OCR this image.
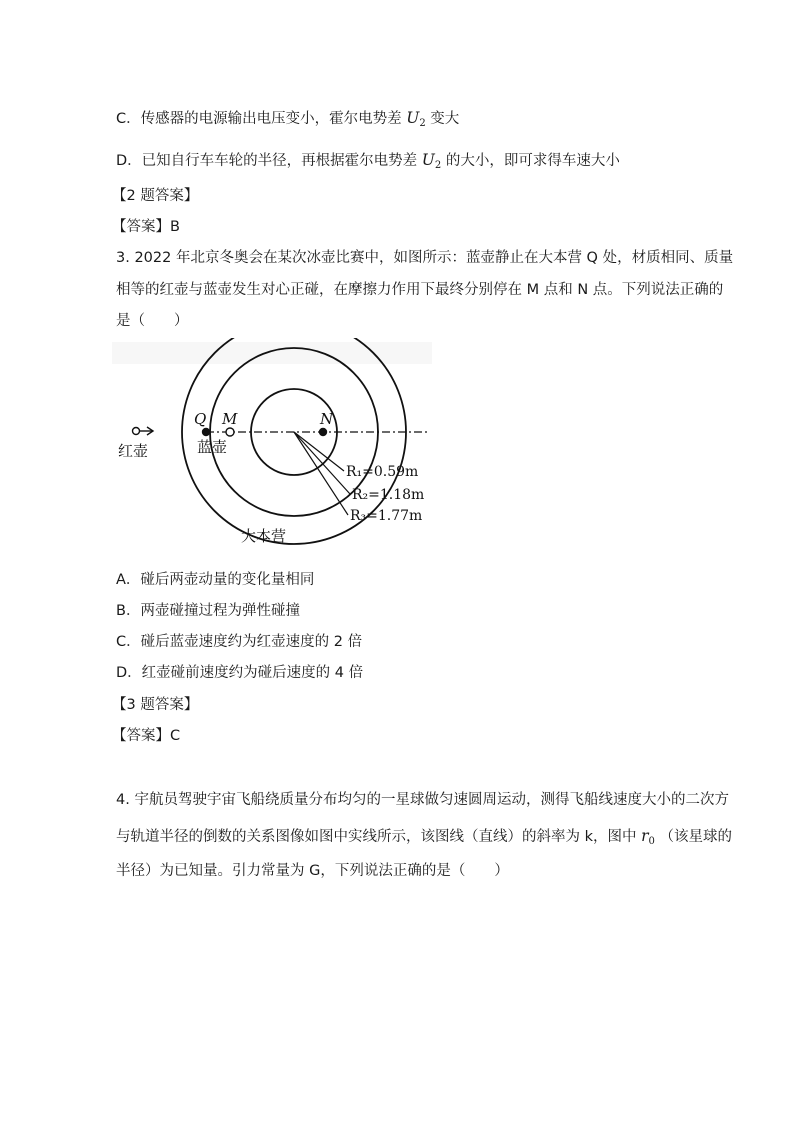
C．传感器的电源输出电压变小，霍尔电势差 $U_2$ 变大
D．已知自行车车轮的半径，再根据霍尔电势差 $U_2$ 的大小，即可求得车速大小
【2 题答案】
【答案】B
3. 2022 年北京冬奥会在某次冰壶比赛中，如图所示：蓝壶静止在大本营 Q 处，材质相同、质量
相等的红壶与蓝壶发生对心正碰，在摩擦力作用下最终分别停在 M 点和 N 点。下列说法正确的
是（　　）
Q M	N
红壶	蓝壶
R₁=0.59m
R₂=1.18m
R₃=1.77m
大本营
A．碰后两壶动量的变化量相同
B．两壶碰撞过程为弹性碰撞
C．碰后蓝壶速度约为红壶速度的 2 倍
D．红壶碰前速度约为碰后速度的 4 倍
【3 题答案】
【答案】C
4. 宇航员驾驶宇宙飞船绕质量分布均匀的一星球做匀速圆周运动，测得飞船线速度大小的二次方
与轨道半径的倒数的关系图像如图中实线所示，该图线（直线）的斜率为 k，图中 $r_0$ （该星球的
半径）为已知量。引力常量为 G，下列说法正确的是（　　）
